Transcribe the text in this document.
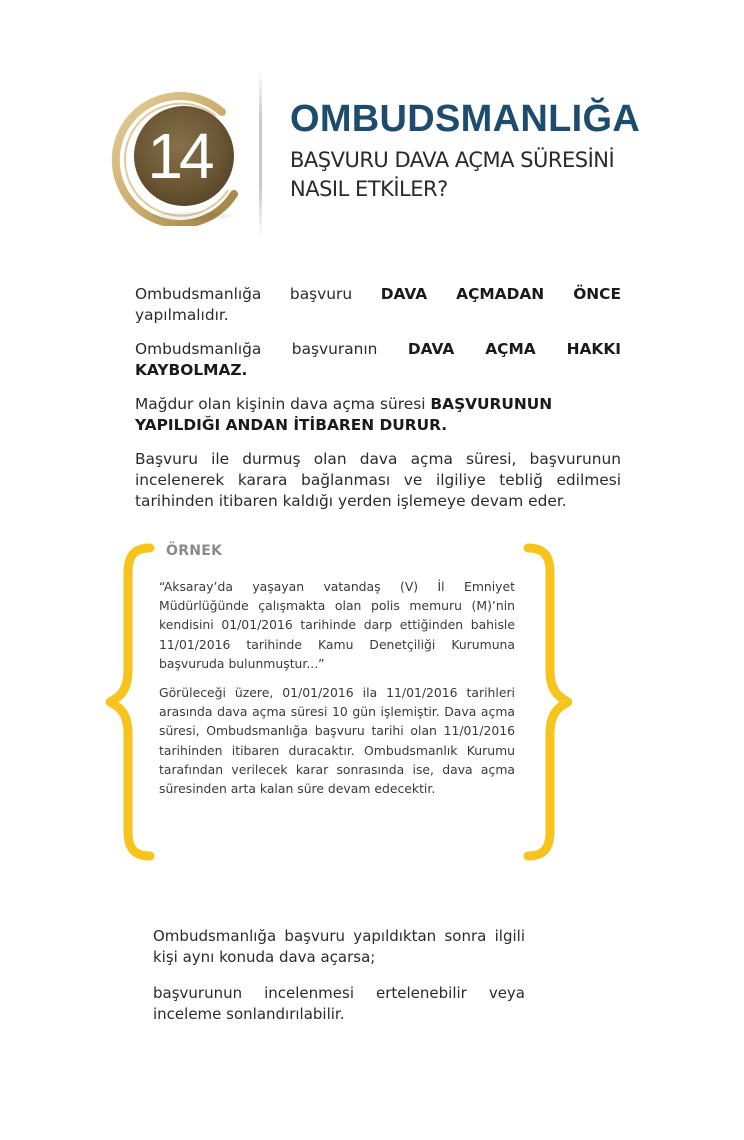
14
OMBUDSMANLIĞA
BAŞVURU DAVA AÇMA SÜRESİNİ NASIL ETKİLER?

Ombudsmanlığa başvuru DAVA AÇMADAN ÖNCE yapılmalıdır.

Ombudsmanlığa başvuranın DAVA AÇMA HAKKI KAYBOLMAZ.

Mağdur olan kişinin dava açma süresi BAŞVURUNUN YAPILDIĞI ANDAN İTİBAREN DURUR.

Başvuru ile durmuş olan dava açma süresi, başvurunun incelenerek karara bağlanması ve ilgiliye tebliğ edilmesi tarihinden itibaren kaldığı yerden işlemeye devam eder.

ÖRNEK

“Aksaray’da yaşayan vatandaş (V) İl Emniyet Müdürlüğünde çalışmakta olan polis memuru (M)’nin kendisini 01/01/2016 tarihinde darp ettiğinden bahisle 11/01/2016 tarihinde Kamu Denetçiliği Kurumuna başvuruda bulunmuştur...”

Görüleceği üzere, 01/01/2016 ila 11/01/2016 tarihleri arasında dava açma süresi 10 gün işlemiştir. Dava açma süresi, Ombudsmanlığa başvuru tarihi olan 11/01/2016 tarihinden itibaren duracaktır. Ombudsmanlık Kurumu tarafından verilecek karar sonrasında ise, dava açma süresinden arta kalan süre devam edecektir.

Ombudsmanlığa başvuru yapıldıktan sonra ilgili kişi aynı konuda dava açarsa;

başvurunun incelenmesi ertelenebilir veya inceleme sonlandırılabilir.
